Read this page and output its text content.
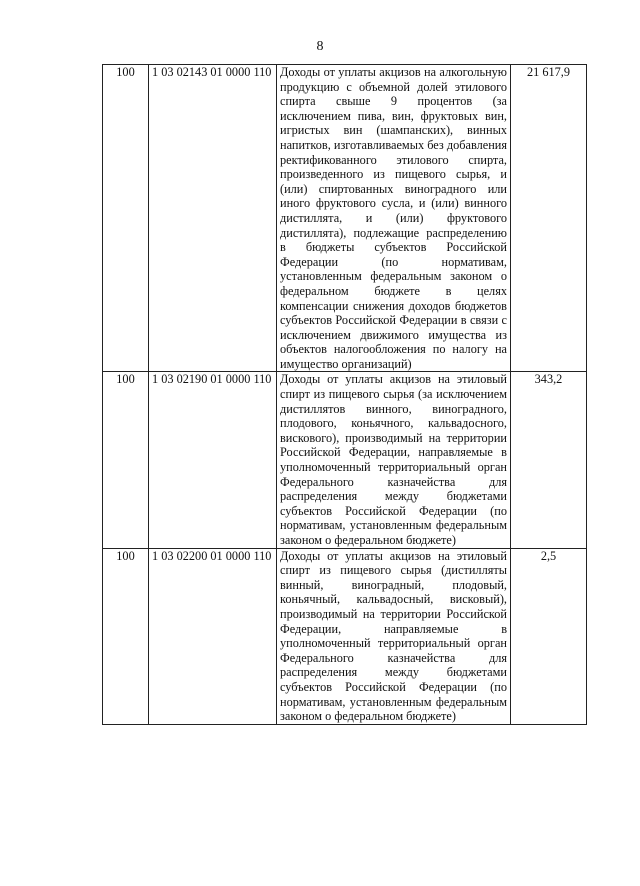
8
100	1 03 02143 01 0000 110	Доходы от уплаты акцизов на алкогольную продукцию с объемной долей этилового спирта свыше 9 процентов (за исключением пива, вин, фруктовых вин, игристых вин (шампанских), винных напитков, изготавливаемых без добавления ректификованного этилового спирта, произведенного из пищевого сырья, и (или) спиртованных виноградного или иного фруктового сусла, и (или) винного дистиллята, и (или) фруктового дистиллята), подлежащие распределению в бюджеты субъектов Российской Федерации (по нормативам, установленным федеральным законом о федеральном бюджете в целях компенсации снижения доходов бюджетов субъектов Российской Федерации в связи с исключением движимого имущества из объектов налогообложения по налогу на имущество организаций)	21 617,9
100	1 03 02190 01 0000 110	Доходы от уплаты акцизов на этиловый спирт из пищевого сырья (за исключением дистиллятов винного, виноградного, плодового, коньячного, кальвадосного, вискового), производимый на территории Российской Федерации, направляемые в уполномоченный территориальный орган Федерального казначейства для распределения между бюджетами субъектов Российской Федерации (по нормативам, установленным федеральным законом о федеральном бюджете)	343,2
100	1 03 02200 01 0000 110	Доходы от уплаты акцизов на этиловый спирт из пищевого сырья (дистилляты винный, виноградный, плодовый, коньячный, кальвадосный, висковый), производимый на территории Российской Федерации, направляемые в уполномоченный территориальный орган Федерального казначейства для распределения между бюджетами субъектов Российской Федерации (по нормативам, установленным федеральным законом о федеральном бюджете)	2,5
